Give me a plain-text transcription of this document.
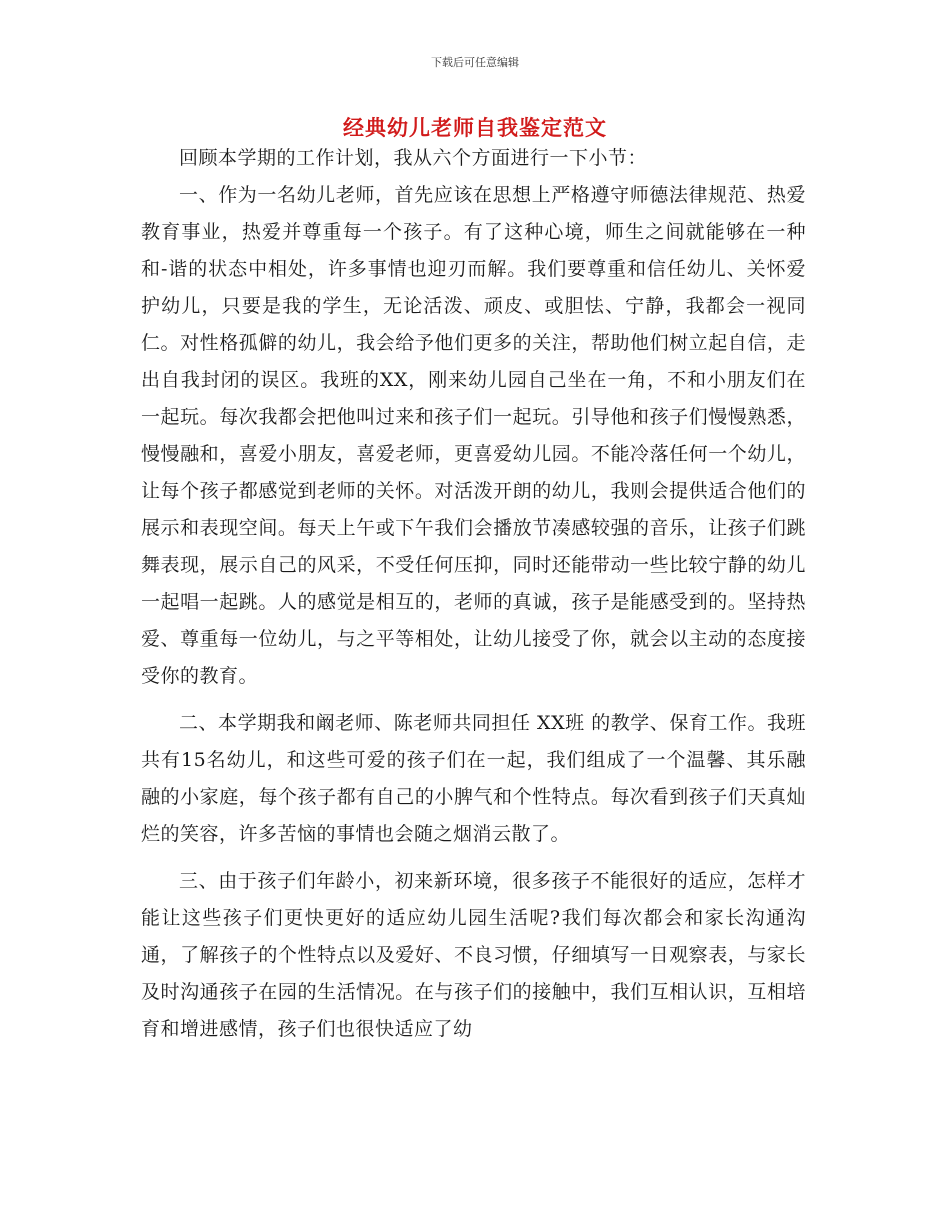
下载后可任意编辑
经典幼儿老师自我鉴定范文

回顾本学期的工作计划，我从六个方面进行一下小节：

一、作为一名幼儿老师，首先应该在思想上严格遵守师德法律规范、热爱教育事业，热爱并尊重每一个孩子。有了这种心境，师生之间就能够在一种和-谐的状态中相处，许多事情也迎刃而解。我们要尊重和信任幼儿、关怀爱护幼儿，只要是我的学生，无论活泼、顽皮、或胆怯、宁静，我都会一视同仁。对性格孤僻的幼儿，我会给予他们更多的关注，帮助他们树立起自信，走出自我封闭的误区。我班的XX，刚来幼儿园自己坐在一角，不和小朋友们在一起玩。每次我都会把他叫过来和孩子们一起玩。引导他和孩子们慢慢熟悉，慢慢融和，喜爱小朋友，喜爱老师，更喜爱幼儿园。不能冷落任何一个幼儿，让每个孩子都感觉到老师的关怀。对活泼开朗的幼儿，我则会提供适合他们的展示和表现空间。每天上午或下午我们会播放节凑感较强的音乐，让孩子们跳舞表现，展示自己的风采，不受任何压抑，同时还能带动一些比较宁静的幼儿一起唱一起跳。人的感觉是相互的，老师的真诚，孩子是能感受到的。坚持热爱、尊重每一位幼儿，与之平等相处，让幼儿接受了你，就会以主动的态度接受你的教育。

二、本学期我和阚老师、陈老师共同担任 XX班 的教学、保育工作。我班共有15名幼儿，和这些可爱的孩子们在一起，我们组成了一个温馨、其乐融融的小家庭，每个孩子都有自己的小脾气和个性特点。每次看到孩子们天真灿烂的笑容，许多苦恼的事情也会随之烟消云散了。

三、由于孩子们年龄小，初来新环境，很多孩子不能很好的适应，怎样才能让这些孩子们更快更好的适应幼儿园生活呢?我们每次都会和家长沟通沟通，了解孩子的个性特点以及爱好、不良习惯，仔细填写一日观察表，与家长及时沟通孩子在园的生活情况。在与孩子们的接触中，我们互相认识，互相培育和增进感情，孩子们也很快适应了幼
